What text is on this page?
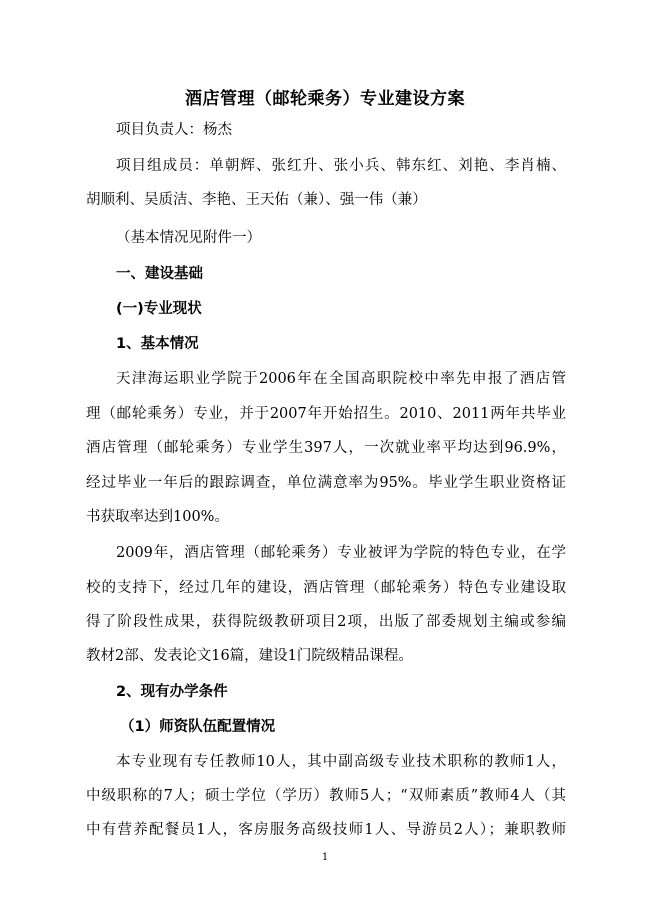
酒店管理（邮轮乘务）专业建设方案
项目负责人：杨杰
项目组成员：单朝辉、张红升、张小兵、韩东红、刘艳、李肖楠、
胡顺利、吴质洁、李艳、王天佑（兼）、强一伟（兼）
（基本情况见附件一）
一、建设基础
(一)专业现状
1、基本情况
天津海运职业学院于2006年在全国高职院校中率先申报了酒店管
理（邮轮乘务）专业，并于2007年开始招生。2010、2011两年共毕业
酒店管理（邮轮乘务）专业学生397人，一次就业率平均达到96.9%，
经过毕业一年后的跟踪调查，单位满意率为95%。毕业学生职业资格证
书获取率达到100%。
2009年，酒店管理（邮轮乘务）专业被评为学院的特色专业，在学
校的支持下，经过几年的建设，酒店管理（邮轮乘务）特色专业建设取
得了阶段性成果，获得院级教研项目2项，出版了部委规划主编或参编
教材2部、发表论文16篇，建设1门院级精品课程。
2、现有办学条件
（1）师资队伍配置情况
本专业现有专任教师10人，其中副高级专业技术职称的教师1人，
中级职称的7人；硕士学位（学历）教师5人；“双师素质”教师4人（其
中有营养配餐员1人，客房服务高级技师1人、导游员2人）；兼职教师
1
